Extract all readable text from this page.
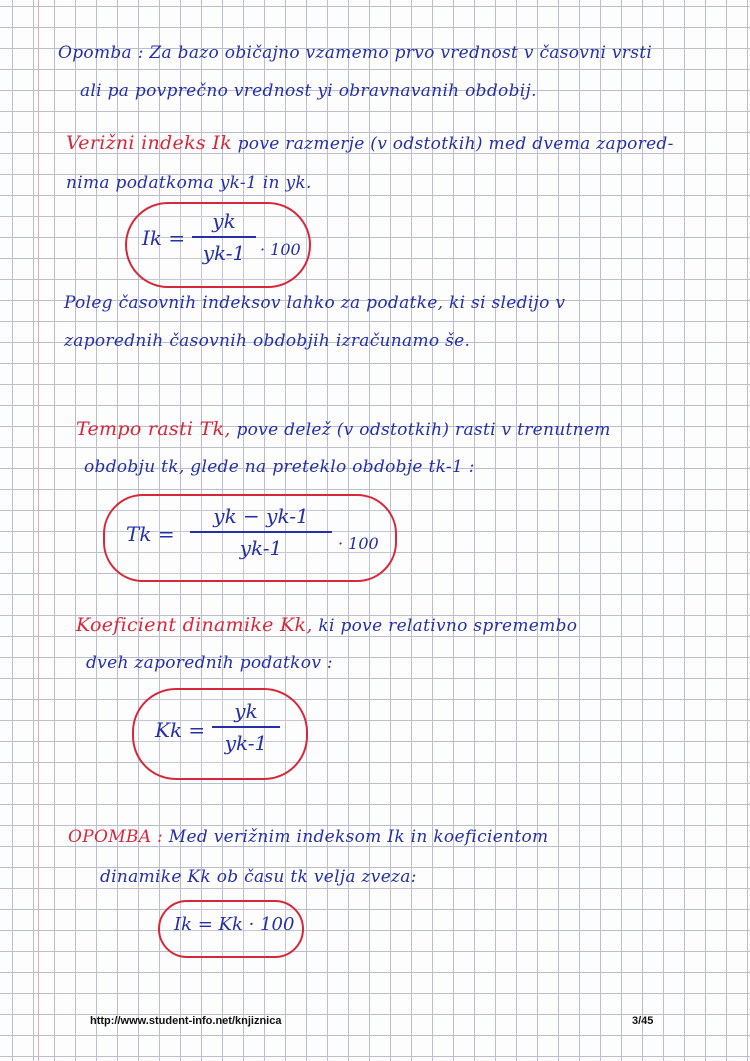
Opomba : Za bazo običajno vzamemo prvo vrednost v časovni vrsti
ali pa povprečno vrednost yi obravnavanih obdobij.
Verižni indeks Ik pove razmerje (v odstotkih) med dvema zapored-
nima podatkoma yk-1 in yk.
Ik =
yk
yk-1 · 100
Poleg časovnih indeksov lahko za podatke, ki si sledijo v
zaporednih časovnih obdobjih izračunamo še.
Tempo rasti Tk, pove delež (v odstotkih) rasti v trenutnem
obdobju tk, glede na preteklo obdobje tk-1 :
Tk =
yk − yk-1
yk-1	· 100
Koeficient dinamike Kk, ki pove relativno spremembo
dveh zaporednih podatkov :
Kk =
yk
yk-1
OPOMBA : Med verižnim indeksom Ik in koeficientom
dinamike Kk ob času tk velja zveza:
Ik = Kk · 100
http://www.student-info.net/knjiznica	3/45
